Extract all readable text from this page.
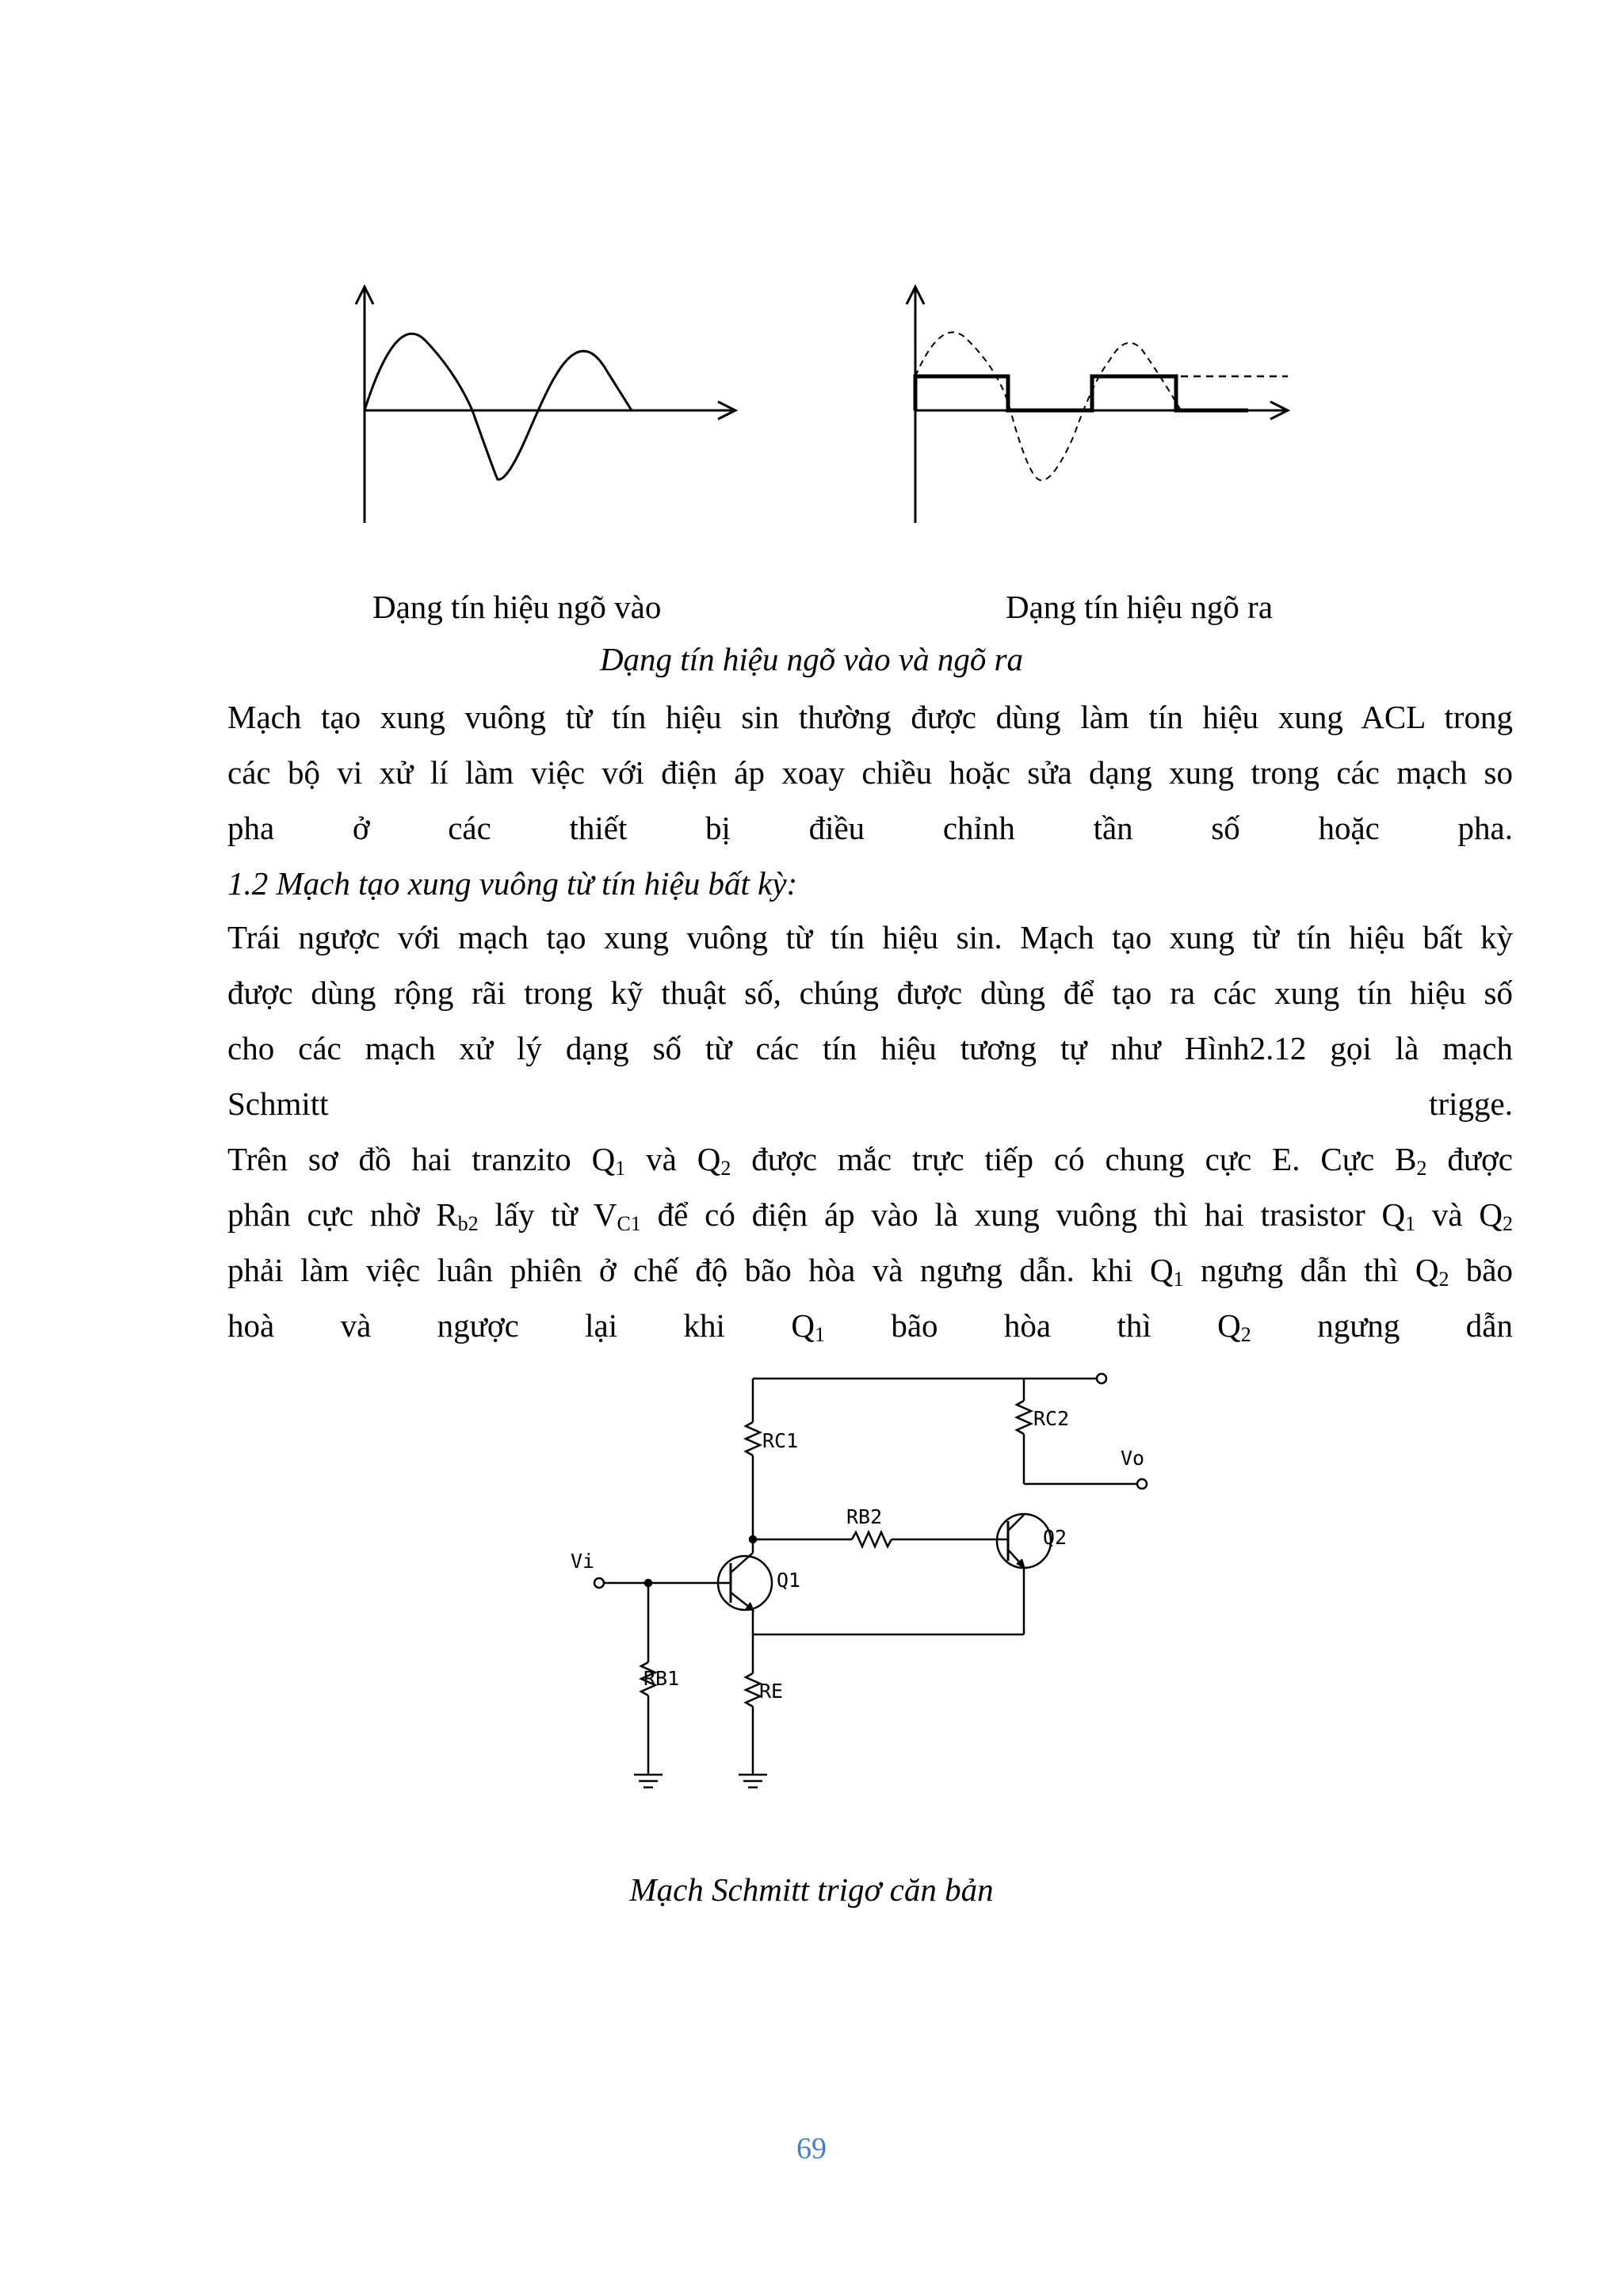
Dạng tín hiệu ngõ vào	Dạng tín hiệu ngõ ra
Dạng tín hiệu ngõ vào và ngõ ra
Mạch tạo xung vuông từ tín hiệu sin thường được dùng làm tín hiệu xung ACL trong
các bộ vi xử lí làm việc với điện áp xoay chiều hoặc sửa dạng xung trong các mạch so
pha ở các thiết bị điều chỉnh tần số hoặc pha.
1.2 Mạch tạo xung vuông từ tín hiệu bất kỳ:
Trái ngược với mạch tạo xung vuông từ tín hiệu sin. Mạch tạo xung từ tín hiệu bất kỳ
được dùng rộng rãi trong kỹ thuật số, chúng được dùng để tạo ra các xung tín hiệu số
cho các mạch xử lý dạng số từ các tín hiệu tương tự như Hình2.12 gọi là mạch
Schmitt trigge.
Trên sơ đồ hai tranzito $Q_1$ và $Q_2$ được mắc trực tiếp có chung cực E. Cực $B_2$ được
phân cực nhờ $R_{b2}$ lấy từ $V_{C1}$ để có điện áp vào là xung vuông thì hai trasistor $Q_1$ và $Q_2$
phải làm việc luân phiên ở chế độ bão hòa và ngưng dẫn. khi $Q_1$ ngưng dẫn thì $Q_2$ bão
hoà và ngược lại khi $Q_1$ bão hòa thì $Q_2$ ngưng dẫn
RC1
RC2
RB2
Q2
Q1
Vi
Vo
RB1
RE
Mạch Schmitt trigơ căn bản
69
